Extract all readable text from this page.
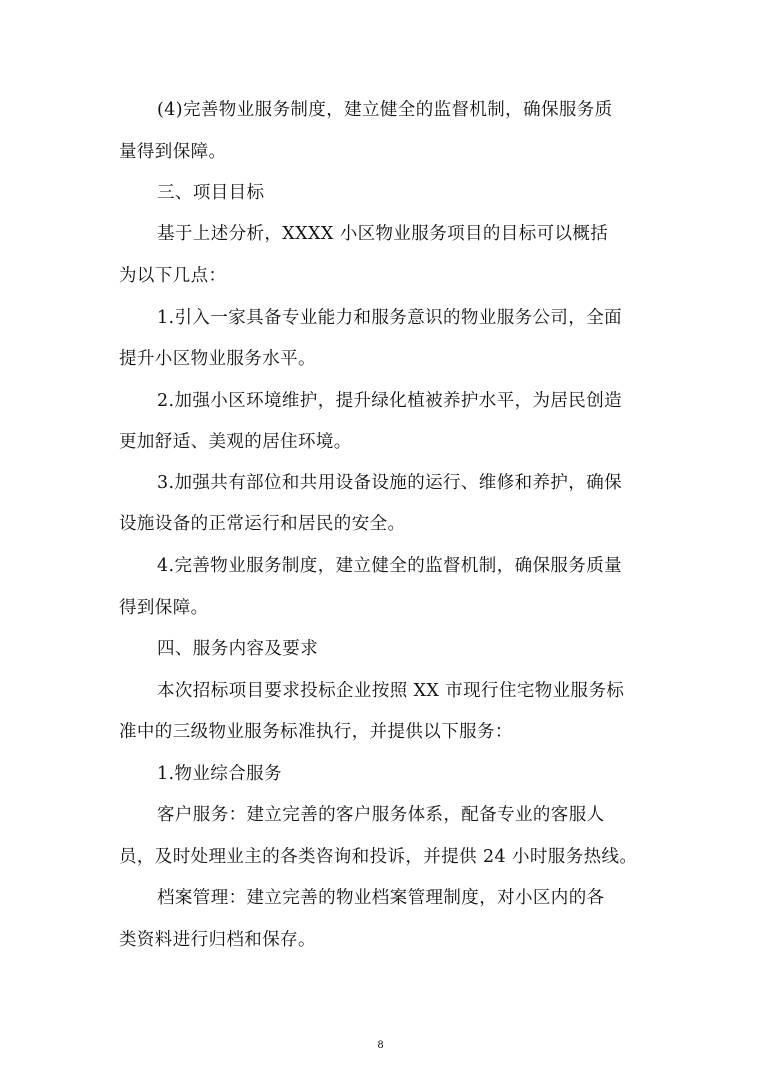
(4)完善物业服务制度，建立健全的监督机制，确保服务质
量得到保障。
三、项目目标
基于上述分析，XXXX 小区物业服务项目的目标可以概括
为以下几点：
1.引入一家具备专业能力和服务意识的物业服务公司，全面
提升小区物业服务水平。
2.加强小区环境维护，提升绿化植被养护水平，为居民创造
更加舒适、美观的居住环境。
3.加强共有部位和共用设备设施的运行、维修和养护，确保
设施设备的正常运行和居民的安全。
4.完善物业服务制度，建立健全的监督机制，确保服务质量
得到保障。
四、服务内容及要求
本次招标项目要求投标企业按照 XX 市现行住宅物业服务标
准中的三级物业服务标准执行，并提供以下服务：
1.物业综合服务
客户服务：建立完善的客户服务体系，配备专业的客服人
员，及时处理业主的各类咨询和投诉，并提供 24 小时服务热线。
档案管理：建立完善的物业档案管理制度，对小区内的各
类资料进行归档和保存。
8
